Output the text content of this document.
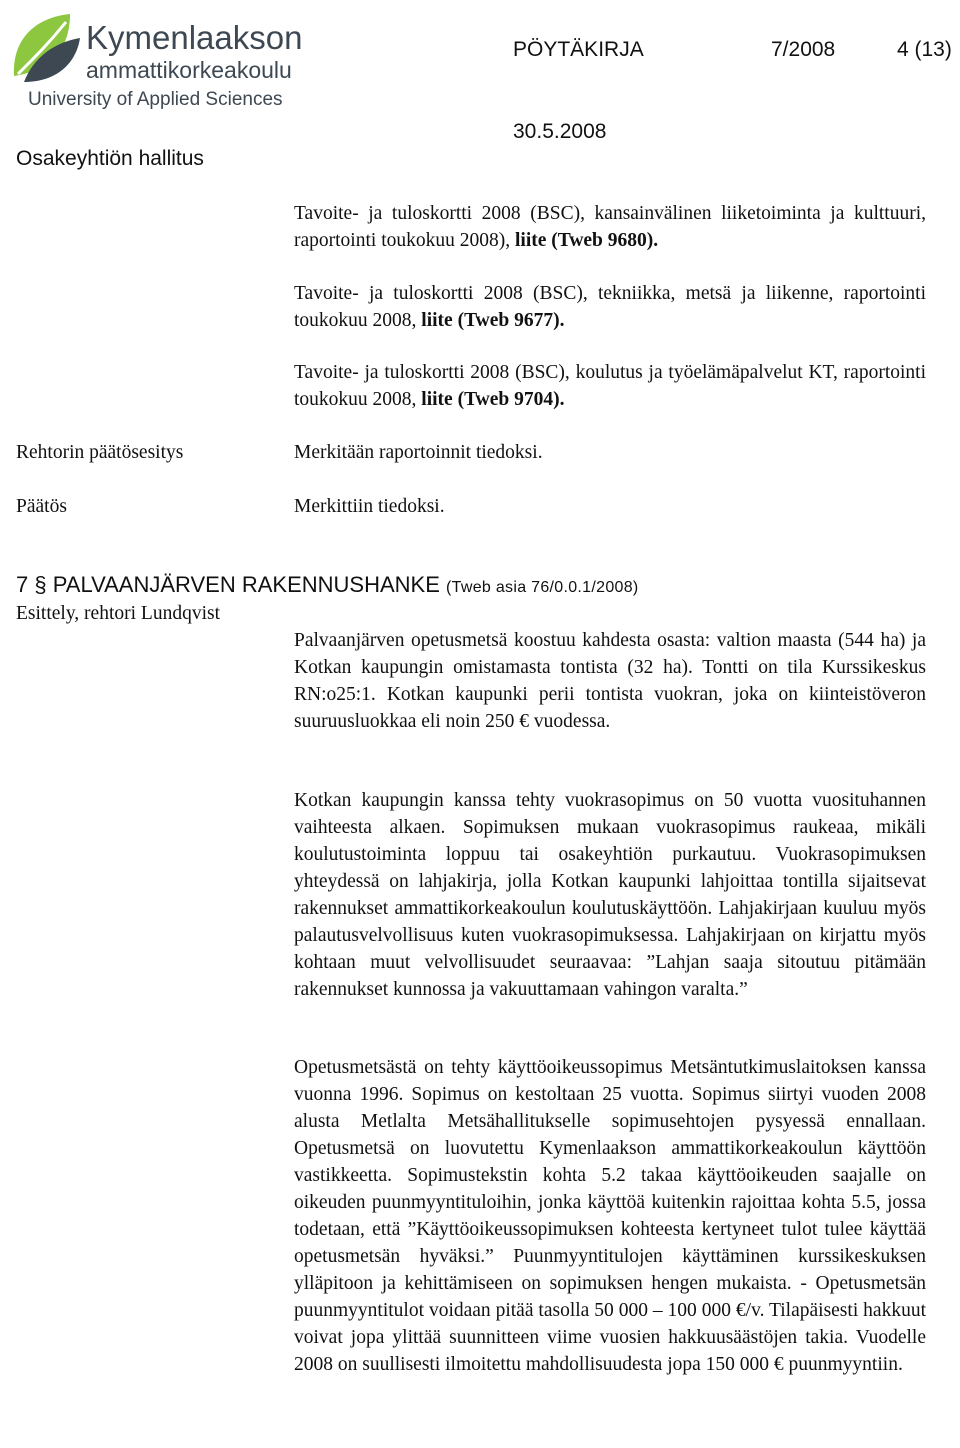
Kymenlaakson
ammattikorkeakoulu
University of Applied Sciences
PÖYTÄKIRJA	7/2008	4 (13)
30.5.2008
Osakeyhtiön hallitus
Tavoite- ja tuloskortti 2008 (BSC), kansainvälinen liiketoiminta ja kulttuuri, raportointi toukokuu 2008), liite (Tweb 9680).
Tavoite- ja tuloskortti 2008 (BSC), tekniikka, metsä ja liikenne, raportointi toukokuu 2008, liite (Tweb 9677).
Tavoite- ja tuloskortti 2008 (BSC), koulutus ja työelämäpalvelut KT, raportointi toukokuu 2008, liite (Tweb 9704).
Rehtorin päätösesitys	Merkitään raportoinnit tiedoksi.
Päätös	Merkittiin tiedoksi.
7 § PALVAANJÄRVEN RAKENNUSHANKE (Tweb asia 76/0.0.1/2008)
Esittely, rehtori Lundqvist
Palvaanjärven opetusmetsä koostuu kahdesta osasta: valtion maasta (544 ha) ja Kotkan kaupungin omistamasta tontista (32 ha). Tontti on tila Kurssikeskus RN:o25:1. Kotkan kaupunki perii tontista vuokran, joka on kiinteistöveron suuruusluokkaa eli noin 250 € vuodessa.
Kotkan kaupungin kanssa tehty vuokrasopimus on 50 vuotta vuosituhannen vaihteesta alkaen. Sopimuksen mukaan vuokrasopimus raukeaa, mikäli koulutustoiminta loppuu tai osakeyhtiön purkautuu. Vuokrasopimuksen yhteydessä on lahjakirja, jolla Kotkan kaupunki lahjoittaa tontilla sijaitsevat rakennukset ammattikorkeakoulun koulutuskäyttöön. Lahjakirjaan kuuluu myös palautusvelvollisuus kuten vuokrasopimuksessa. Lahjakirjaan on kirjattu myös kohtaan muut velvollisuudet seuraavaa: ”Lahjan saaja sitoutuu pitämään rakennukset kunnossa ja vakuuttamaan vahingon varalta.”
Opetusmetsästä on tehty käyttöoikeussopimus Metsäntutkimuslaitoksen kanssa vuonna 1996. Sopimus on kestoltaan 25 vuotta. Sopimus siirtyi vuoden 2008 alusta Metlalta Metsähallitukselle sopimusehtojen pysyessä ennallaan. Opetusmetsä on luovutettu Kymenlaakson ammattikorkeakoulun käyttöön vastikkeetta. Sopimustekstin kohta 5.2 takaa käyttöoikeuden saajalle on oikeuden puunmyyntituloihin, jonka käyttöä kuitenkin rajoittaa kohta 5.5, jossa todetaan, että ”Käyttöoikeussopimuksen kohteesta kertyneet tulot tulee käyttää opetusmetsän hyväksi.” Puunmyyntitulojen käyttäminen kurssikeskuksen ylläpitoon ja kehittämiseen on sopimuksen hengen mukaista. - Opetusmetsän puunmyyntitulot voidaan pitää tasolla 50 000 – 100 000 €/v. Tilapäisesti hakkuut voivat jopa ylittää suunnitteen viime vuosien hakkuusäästöjen takia. Vuodelle 2008 on suullisesti ilmoitettu mahdollisuudesta jopa 150 000 € puunmyyntiin.
